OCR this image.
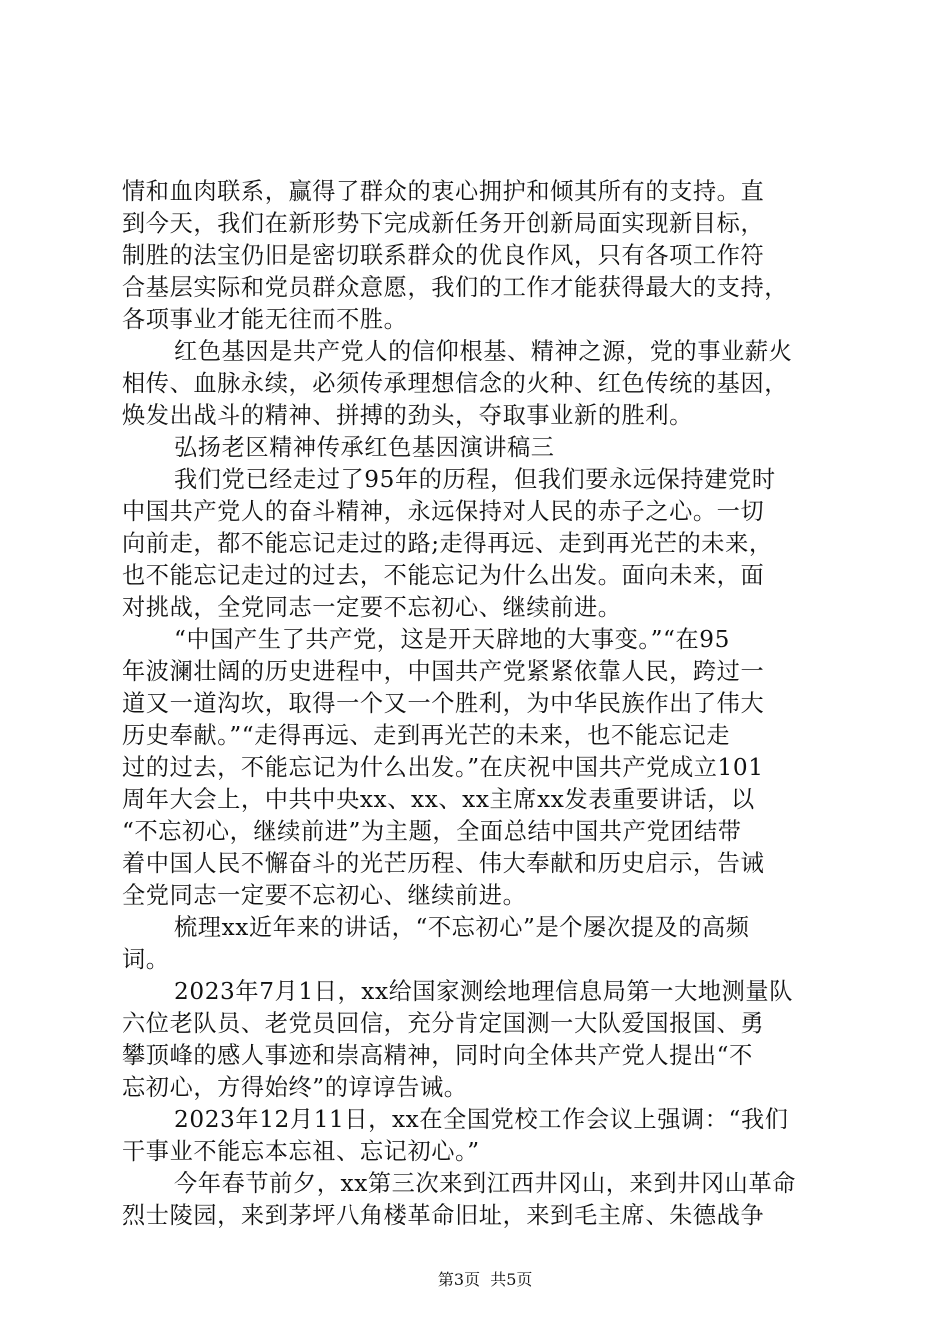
情和血肉联系，赢得了群众的衷心拥护和倾其所有的支持。直
到今天，我们在新形势下完成新任务开创新局面实现新目标，
制胜的法宝仍旧是密切联系群众的优良作风，只有各项工作符
合基层实际和党员群众意愿，我们的工作才能获得最大的支持，
各项事业才能无往而不胜。
红色基因是共产党人的信仰根基、精神之源，党的事业薪火
相传、血脉永续，必须传承理想信念的火种、红色传统的基因，
焕发出战斗的精神、拼搏的劲头，夺取事业新的胜利。
弘扬老区精神传承红色基因演讲稿三
我们党已经走过了95年的历程，但我们要永远保持建党时
中国共产党人的奋斗精神，永远保持对人民的赤子之心。一切
向前走，都不能忘记走过的路;走得再远、走到再光芒的未来，
也不能忘记走过的过去，不能忘记为什么出发。面向未来，面
对挑战，全党同志一定要不忘初心、继续前进。
“中国产生了共产党，这是开天辟地的大事变。”“在95
年波澜壮阔的历史进程中，中国共产党紧紧依靠人民，跨过一
道又一道沟坎，取得一个又一个胜利，为中华民族作出了伟大
历史奉献。”“走得再远、走到再光芒的未来，也不能忘记走
过的过去，不能忘记为什么出发。”在庆祝中国共产党成立101
周年大会上，中共中央xx、xx、xx主席xx发表重要讲话，以
“不忘初心，继续前进”为主题，全面总结中国共产党团结带
着中国人民不懈奋斗的光芒历程、伟大奉献和历史启示，告诫
全党同志一定要不忘初心、继续前进。
梳理xx近年来的讲话，“不忘初心”是个屡次提及的高频
词。
2023年7月1日，xx给国家测绘地理信息局第一大地测量队
六位老队员、老党员回信，充分肯定国测一大队爱国报国、勇
攀顶峰的感人事迹和崇高精神，同时向全体共产党人提出“不
忘初心，方得始终”的谆谆告诫。
2023年12月11日，xx在全国党校工作会议上强调：“我们
干事业不能忘本忘祖、忘记初心。”
今年春节前夕，xx第三次来到江西井冈山，来到井冈山革命
烈士陵园，来到茅坪八角楼革命旧址，来到毛主席、朱德战争

第3页  共5页
